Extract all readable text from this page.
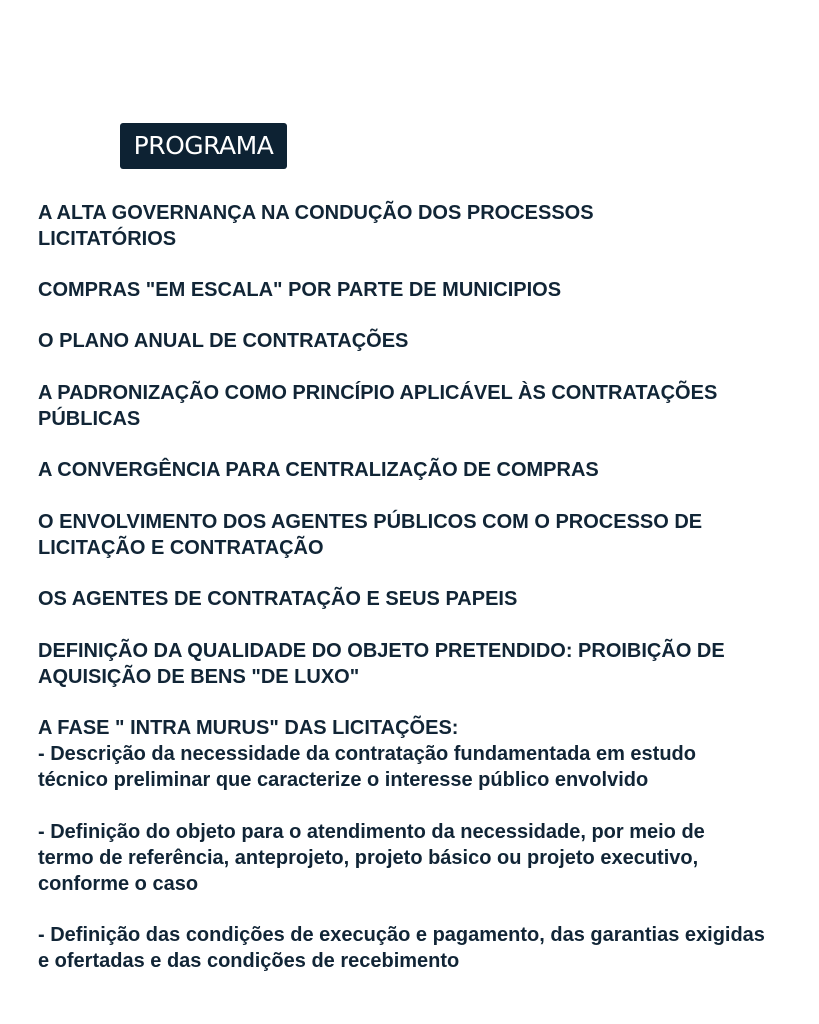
PROGRAMA

A ALTA GOVERNANÇA NA CONDUÇÃO DOS PROCESSOS
LICITATÓRIOS

COMPRAS "EM ESCALA" POR PARTE DE MUNICIPIOS

O PLANO ANUAL DE CONTRATAÇÕES

A PADRONIZAÇÃO COMO PRINCÍPIO APLICÁVEL ÀS CONTRATAÇÕES
PÚBLICAS

A CONVERGÊNCIA PARA CENTRALIZAÇÃO DE COMPRAS

O ENVOLVIMENTO DOS AGENTES PÚBLICOS COM O PROCESSO DE
LICITAÇÃO E CONTRATAÇÃO

OS AGENTES DE CONTRATAÇÃO E SEUS PAPEIS

DEFINIÇÃO DA QUALIDADE DO OBJETO PRETENDIDO: PROIBIÇÃO DE
AQUISIÇÃO DE BENS "DE LUXO"

A FASE " INTRA MURUS" DAS LICITAÇÕES:
- Descrição da necessidade da contratação fundamentada em estudo
técnico preliminar que caracterize o interesse público envolvido

- Definição do objeto para o atendimento da necessidade, por meio de
termo de referência, anteprojeto, projeto básico ou projeto executivo,
conforme o caso

- Definição das condições de execução e pagamento, das garantias exigidas
e ofertadas e das condições de recebimento
